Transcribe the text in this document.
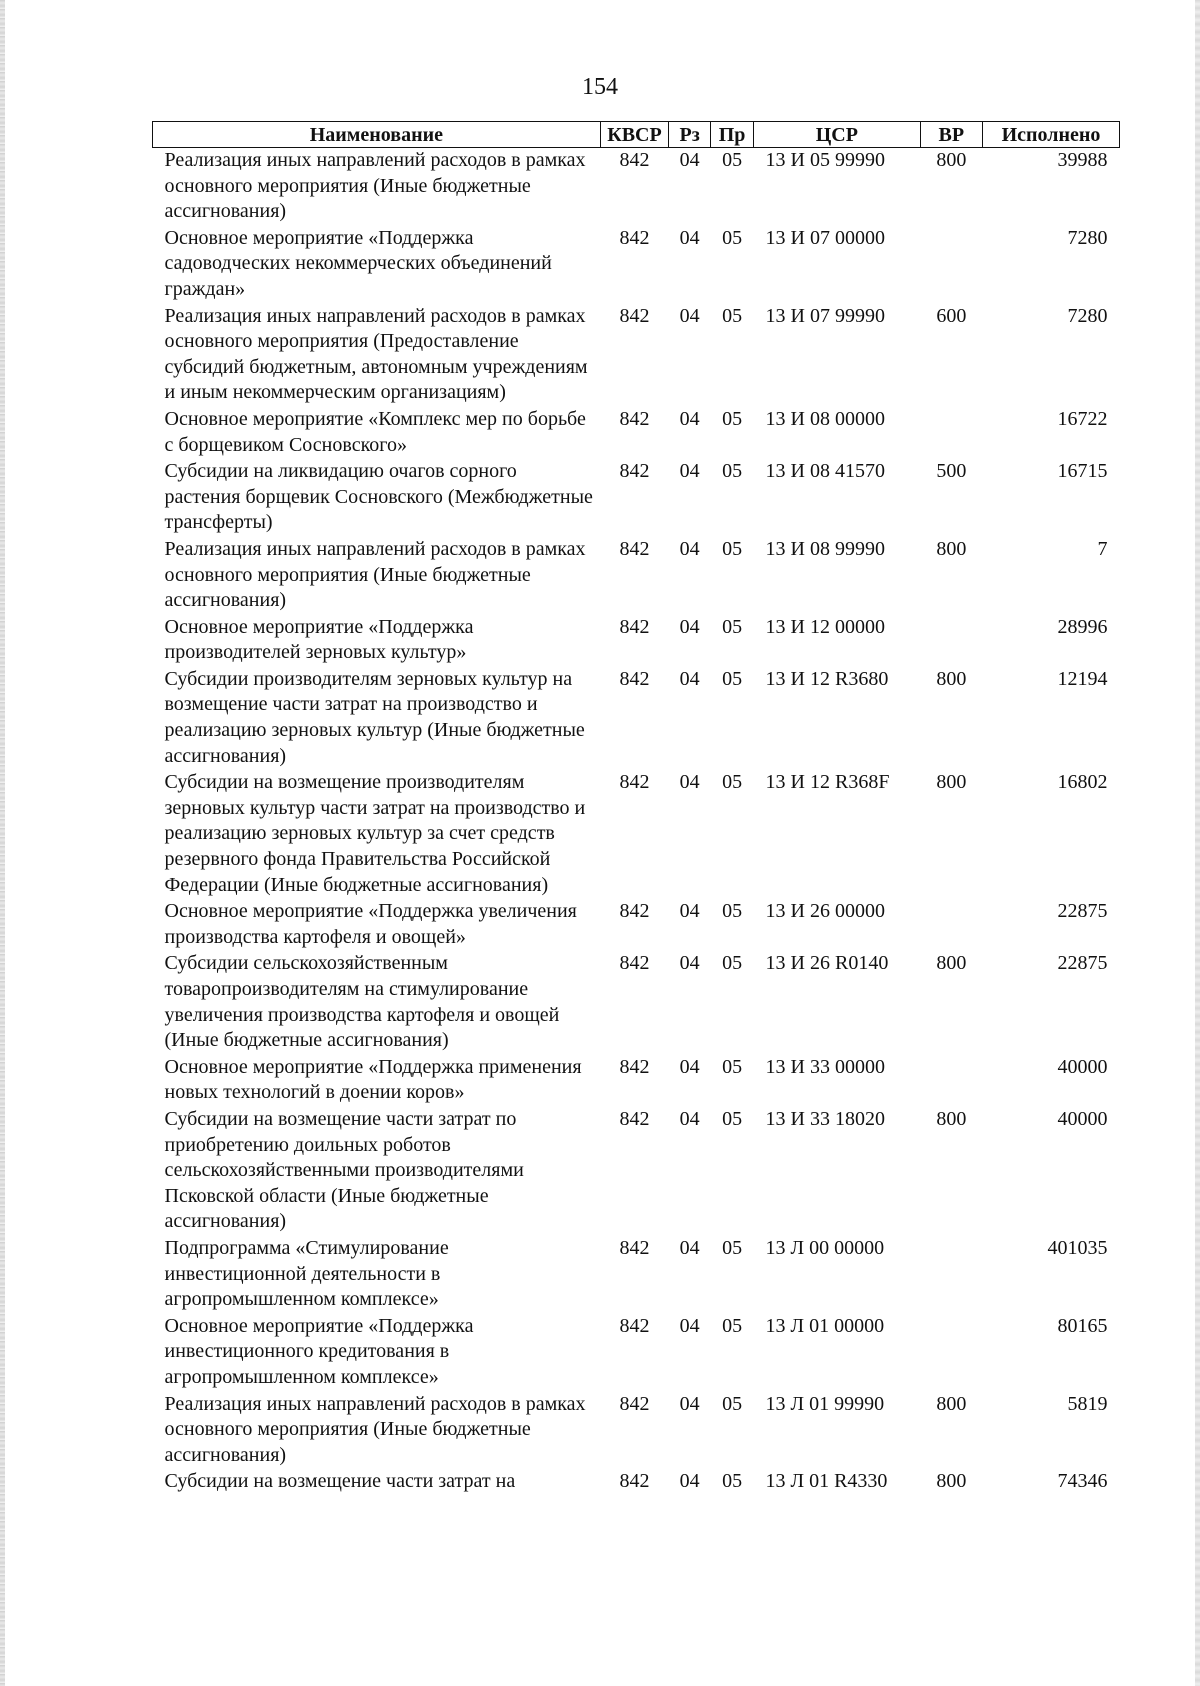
154
Наименование	КВСР	Рз	Пр	ЦСР	ВР	Исполнено
Реализация иных направлений расходов в рамках основного мероприятия (Иные бюджетные ассигнования)	842	04	05	13 И 05 99990	800	39988
Основное мероприятие «Поддержка садоводческих некоммерческих объединений граждан»	842	04	05	13 И 07 00000		7280
Реализация иных направлений расходов в рамках основного мероприятия (Предоставление субсидий бюджетным, автономным учреждениям и иным некоммерческим организациям)	842	04	05	13 И 07 99990	600	7280
Основное мероприятие «Комплекс мер по борьбе с борщевиком Сосновского»	842	04	05	13 И 08 00000		16722
Субсидии на ликвидацию очагов сорного растения борщевик Сосновского (Межбюджетные трансферты)	842	04	05	13 И 08 41570	500	16715
Реализация иных направлений расходов в рамках основного мероприятия (Иные бюджетные ассигнования)	842	04	05	13 И 08 99990	800	7
Основное мероприятие «Поддержка производителей зерновых культур»	842	04	05	13 И 12 00000		28996
Субсидии производителям зерновых культур на возмещение части затрат на производство и реализацию зерновых культур (Иные бюджетные ассигнования)	842	04	05	13 И 12 R3680	800	12194
Субсидии на возмещение производителям зерновых культур части затрат на производство и реализацию зерновых культур за счет средств резервного фонда Правительства Российской Федерации (Иные бюджетные ассигнования)	842	04	05	13 И 12 R368F	800	16802
Основное мероприятие «Поддержка увеличения производства картофеля и овощей»	842	04	05	13 И 26 00000		22875
Субсидии сельскохозяйственным товаропроизводителям на стимулирование увеличения производства картофеля и овощей (Иные бюджетные ассигнования)	842	04	05	13 И 26 R0140	800	22875
Основное мероприятие «Поддержка применения новых технологий в доении коров»	842	04	05	13 И 33 00000		40000
Субсидии на возмещение части затрат по приобретению доильных роботов сельскохозяйственными производителями Псковской области (Иные бюджетные ассигнования)	842	04	05	13 И 33 18020	800	40000
Подпрограмма «Стимулирование инвестиционной деятельности в агропромышленном комплексе»	842	04	05	13 Л 00 00000		401035
Основное мероприятие «Поддержка инвестиционного кредитования в агропромышленном комплексе»	842	04	05	13 Л 01 00000		80165
Реализация иных направлений расходов в рамках основного мероприятия (Иные бюджетные ассигнования)	842	04	05	13 Л 01 99990	800	5819
Субсидии на возмещение части затрат на	842	04	05	13 Л 01 R4330	800	74346
